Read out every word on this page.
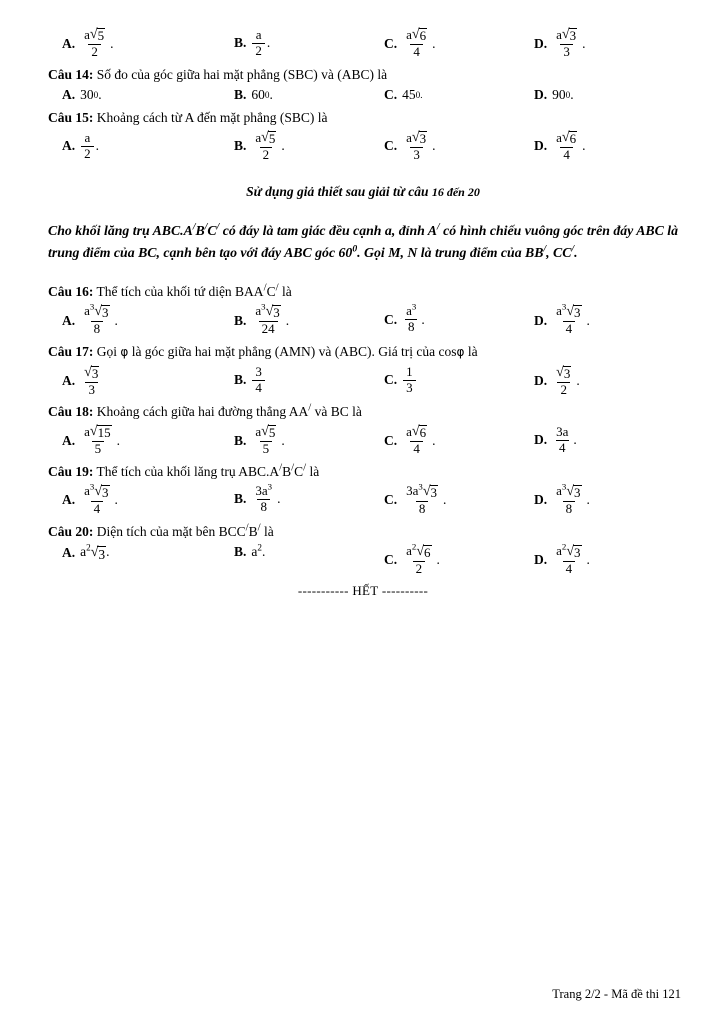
A. $\frac{a √ 5}{2}$ .	B. $\frac{a}{2}$ .	C. $\frac{a √ 6}{4}$ .	D. $\frac{a √ 3}{3}$ .
Câu 14: Số đo của góc giữa hai mặt phẳng (SBC) và (ABC) là
A. 30 0 .	B. 60 0 .	C. 45 0.	D. 90 0 .
Câu 15: Khoảng cách từ A đến mặt phẳng (SBC) là
A. $\frac{a}{2}$ .	B. $\frac{a √ 5}{2}$ .	C. $\frac{a √ 3}{3}$ .	D. $\frac{a √ 6}{4}$ .
Sử dụng giả thiết sau giải từ câu 16 đến 20
Cho khối lăng trụ ABC.A/B/C/ có đáy là tam giác đều cạnh a, đỉnh A/ có hình chiếu vuông góc trên đáy ABC là trung điểm của BC, cạnh bên tạo với đáy ABC góc $60^0$. Gọi M, N là trung điểm của BB/, CC/.
Câu 16: Thể tích của khối tứ diện BAA/C/ là
A. $\frac{a^3 √ 3}{8}$ .	B. $\frac{a^3 √ 3}{24}$ .	C. $\frac{a^3}{8}$ .	D. $\frac{a^3 √ 3}{4}$ .
Câu 17: Gọi φ là góc giữa hai mặt phẳng (AMN) và (ABC). Giá trị của cosφ là
A. $\frac{√ 3}{3}$	B. $\frac{3}{4}$	C. $\frac{1}{3}$	D. $\frac{√ 3}{2}$ .
Câu 18: Khoảng cách giữa hai đường thẳng AA/ và BC là
A. $\frac{a √ 15}{5}$ .	B. $\frac{a √ 5}{5}$ .	C. $\frac{a √ 6}{4}$ .	D. $\frac{3a}{4}$ .
Câu 19: Thể tích của khối lăng trụ ABC.A/B/C/ là
A. $\frac{a^3 √ 3}{4}$ .	B. $\frac{3a^3}{8}$ .	C. $\frac{3a^3 √ 3}{8}$ .	D. $\frac{a^3 √ 3}{8}$ .
Câu 20: Diện tích của mặt bên BCC/B/ là
A. $a^2$ √ 3 .	B. $a^2$.
C. $\frac{a^2 √ 6}{2}$ .	D. $\frac{a^2 √ 3}{4}$ .
----------- HẾT ----------
Trang 2/2 - Mã đề thi 121
